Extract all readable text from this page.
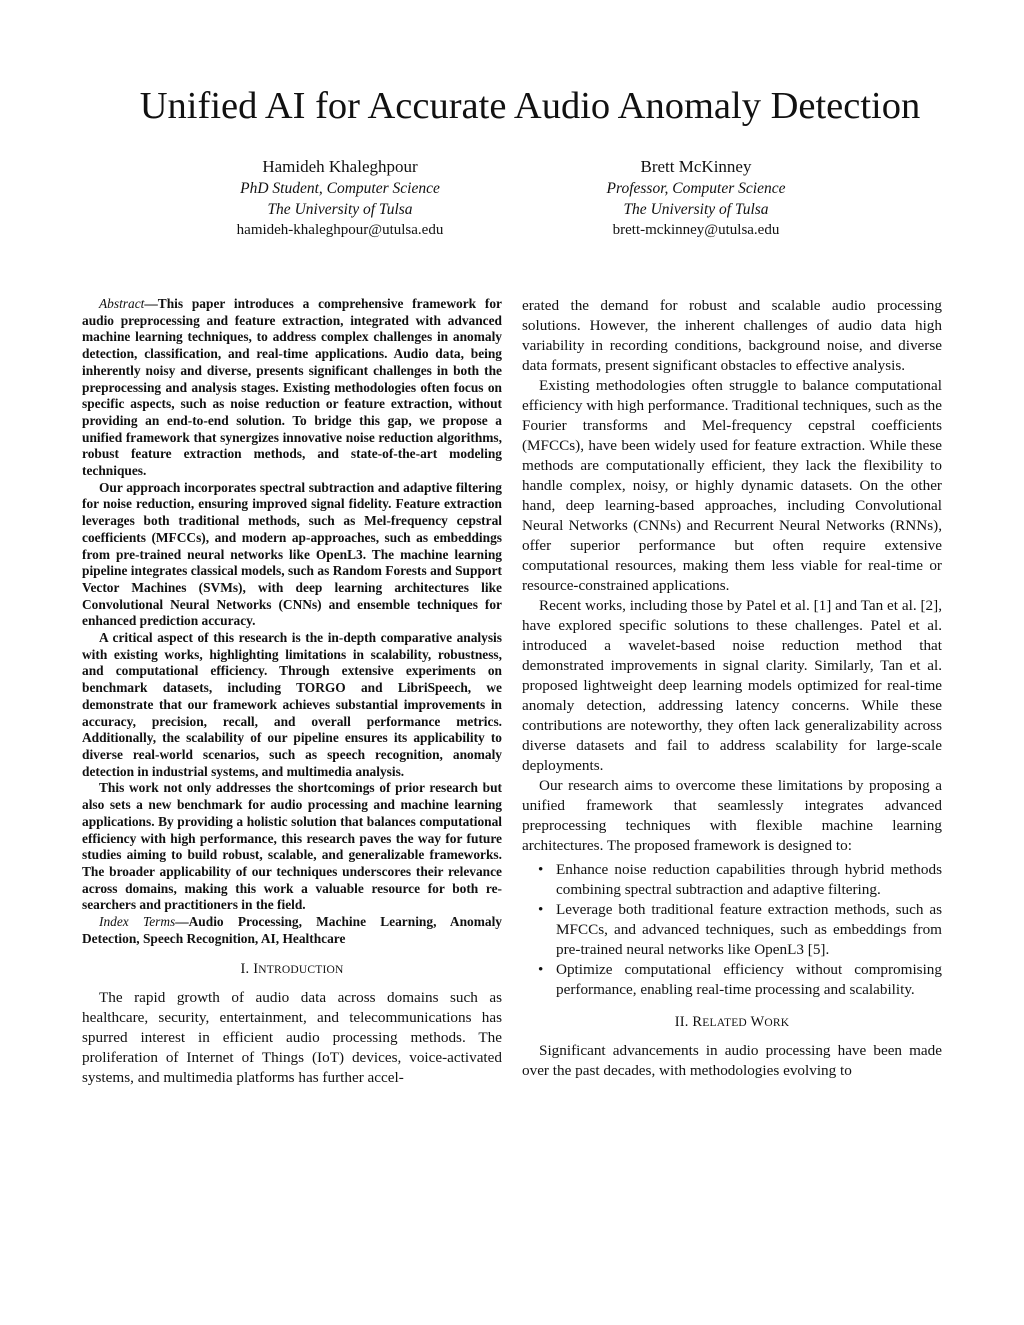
Unified AI for Accurate Audio Anomaly Detection
Hamideh Khaleghpour
PhD Student, Computer Science
The University of Tulsa
hamideh-khaleghpour@utulsa.edu
Brett McKinney
Professor, Computer Science
The University of Tulsa
brett-mckinney@utulsa.edu

Abstract—This paper introduces a comprehensive framework for audio preprocessing and feature extraction, integrated with advanced machine learning techniques, to address complex challenges in anomaly detection, classification, and real-time applications. Audio data, being inherently noisy and diverse, presents significant challenges in both the preprocessing and analysis stages. Existing methodologies often focus on specific aspects, such as noise reduction or feature extraction, without providing an end-to-end solution. To bridge this gap, we propose a unified framework that synergizes innovative noise reduction algorithms, robust feature extraction methods, and state-of-the-art modeling techniques.

Our approach incorporates spectral subtraction and adaptive filtering for noise reduction, ensuring improved signal fidelity. Feature extraction leverages both traditional methods, such as Mel-frequency cepstral coefficients (MFCCs), and modern ap-approaches, such as embeddings from pre-trained neural networks like OpenL3. The machine learning pipeline integrates classical models, such as Random Forests and Support Vector Machines (SVMs), with deep learning architectures like Convolutional Neural Networks (CNNs) and ensemble techniques for enhanced prediction accuracy.

A critical aspect of this research is the in-depth comparative analysis with existing works, highlighting limitations in scalability, robustness, and computational efficiency. Through extensive experiments on benchmark datasets, including TORGO and LibriSpeech, we demonstrate that our framework achieves substantial improvements in accuracy, precision, recall, and overall performance metrics. Additionally, the scalability of our pipeline ensures its applicability to diverse real-world scenarios, such as speech recognition, anomaly detection in industrial systems, and multimedia analysis.

This work not only addresses the shortcomings of prior research but also sets a new benchmark for audio processing and machine learning applications. By providing a holistic solution that balances computational efficiency with high performance, this research paves the way for future studies aiming to build robust, scalable, and generalizable frameworks. The broader applicability of our techniques underscores their relevance across domains, making this work a valuable resource for both re-searchers and practitioners in the field.

Index Terms—Audio Processing, Machine Learning, Anomaly Detection, Speech Recognition, AI, Healthcare

I. INTRODUCTION

The rapid growth of audio data across domains such as healthcare, security, entertainment, and telecommunications has spurred interest in efficient audio processing methods. The proliferation of Internet of Things (IoT) devices, voice-activated systems, and multimedia platforms has further accel-

erated the demand for robust and scalable audio processing solutions. However, the inherent challenges of audio data high variability in recording conditions, background noise, and diverse data formats, present significant obstacles to effective analysis.

Existing methodologies often struggle to balance computational efficiency with high performance. Traditional techniques, such as the Fourier transforms and Mel-frequency cepstral coefficients (MFCCs), have been widely used for feature extraction. While these methods are computationally efficient, they lack the flexibility to handle complex, noisy, or highly dynamic datasets. On the other hand, deep learning-based approaches, including Convolutional Neural Networks (CNNs) and Recurrent Neural Networks (RNNs), offer superior performance but often require extensive computational resources, making them less viable for real-time or resource-constrained applications.

Recent works, including those by Patel et al. [1] and Tan et al. [2], have explored specific solutions to these challenges. Patel et al. introduced a wavelet-based noise reduction method that demonstrated improvements in signal clarity. Similarly, Tan et al. proposed lightweight deep learning models optimized for real-time anomaly detection, addressing latency concerns. While these contributions are noteworthy, they often lack generalizability across diverse datasets and fail to address scalability for large-scale deployments.

Our research aims to overcome these limitations by proposing a unified framework that seamlessly integrates advanced preprocessing techniques with flexible machine learning architectures. The proposed framework is designed to:

• Enhance noise reduction capabilities through hybrid methods combining spectral subtraction and adaptive filtering.
• Leverage both traditional feature extraction methods, such as MFCCs, and advanced techniques, such as embeddings from pre-trained neural networks like OpenL3 [5].
• Optimize computational efficiency without compromising performance, enabling real-time processing and scalability.
II. RELATED WORK

Significant advancements in audio processing have been made over the past decades, with methodologies evolving to
